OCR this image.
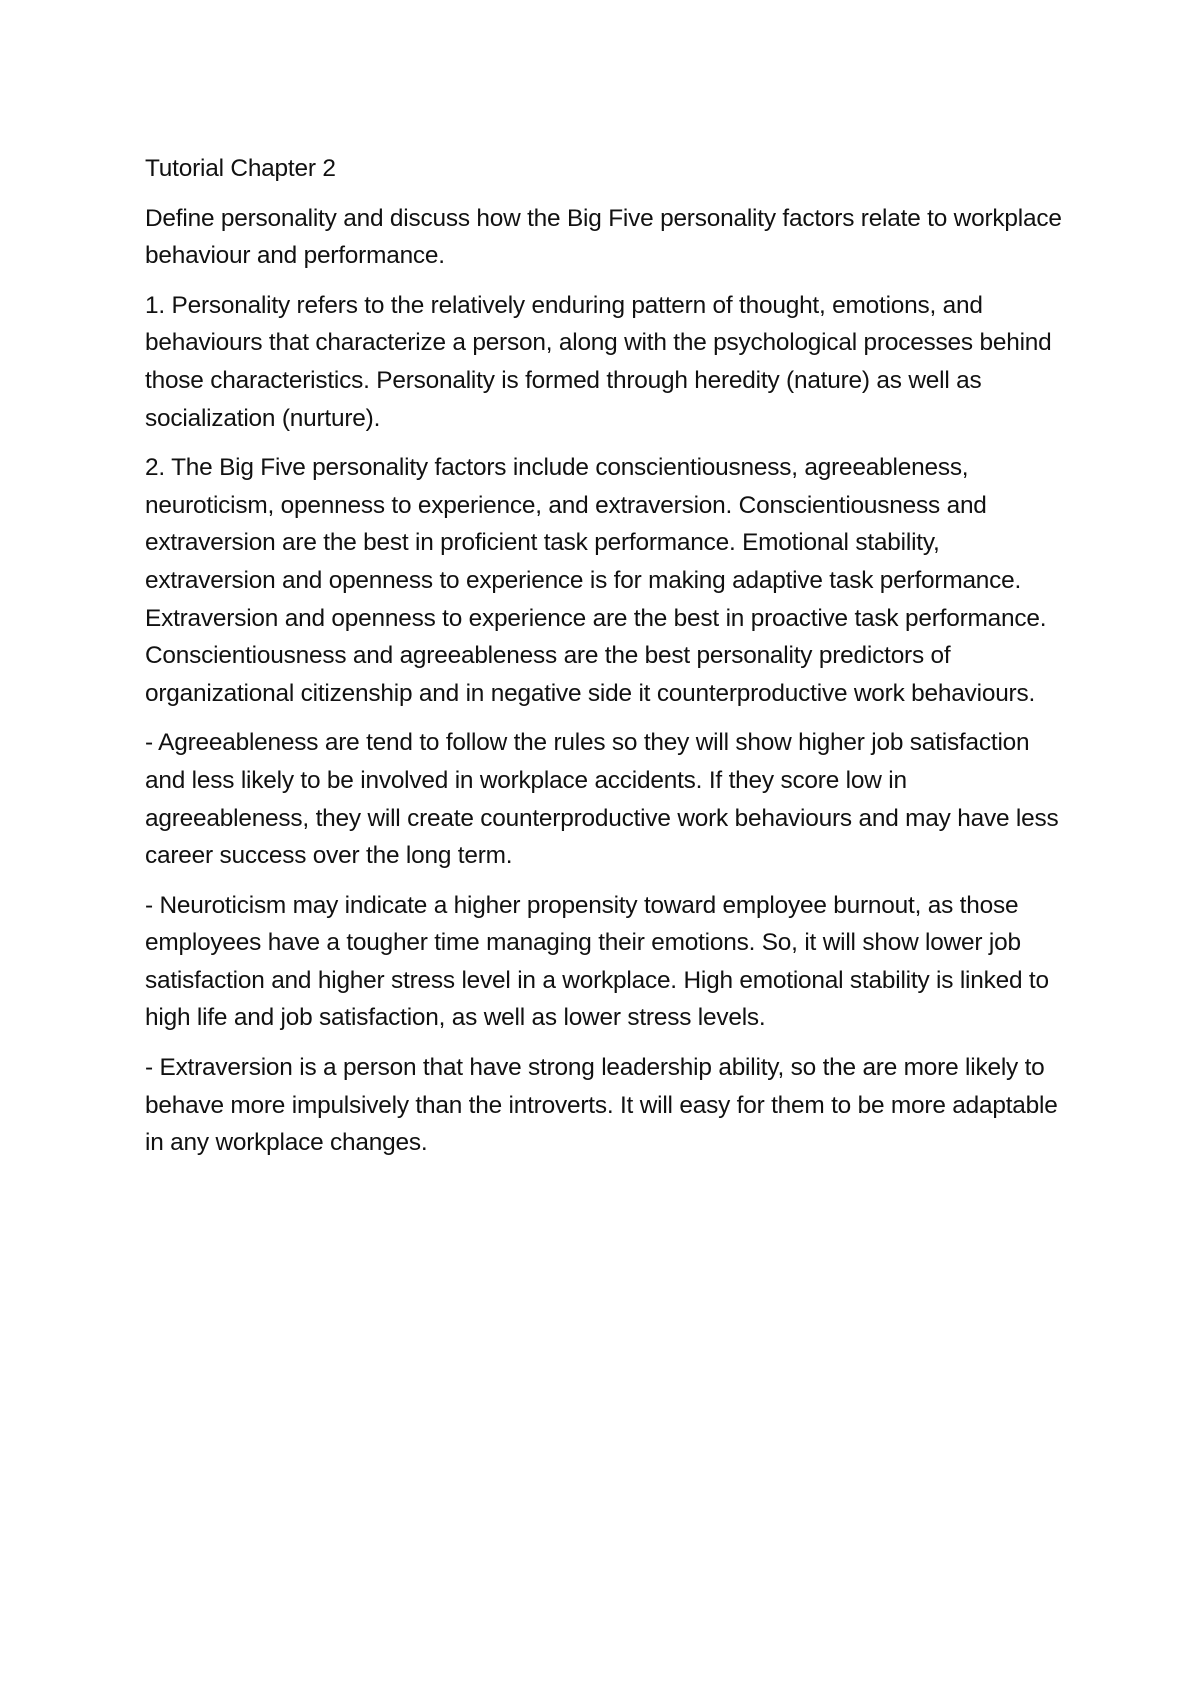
Tutorial Chapter 2

Define personality and discuss how the Big Five personality factors relate to workplace behaviour and performance.

1. Personality refers to the relatively enduring pattern of thought, emotions, and behaviours that characterize a person, along with the psychological processes behind those characteristics. Personality is formed through heredity (nature) as well as socialization (nurture).

2. The Big Five personality factors include conscientiousness, agreeableness, neuroticism, openness to experience, and extraversion. Conscientiousness and extraversion are the best in proficient task performance. Emotional stability, extraversion and openness to experience is for making adaptive task performance. Extraversion and openness to experience are the best in proactive task performance. Conscientiousness and agreeableness are the best personality predictors of organizational citizenship and in negative side it counterproductive work behaviours.

- Agreeableness are tend to follow the rules so they will show higher job satisfaction and less likely to be involved in workplace accidents. If they score low in agreeableness, they will create counterproductive work behaviours and may have less career success over the long term.

- Neuroticism may indicate a higher propensity toward employee burnout, as those employees have a tougher time managing their emotions. So, it will show lower job satisfaction and higher stress level in a workplace. High emotional stability is linked to high life and job satisfaction, as well as lower stress levels.

- Extraversion is a person that have strong leadership ability, so the are more likely to behave more impulsively than the introverts. It will easy for them to be more adaptable in any workplace changes.
